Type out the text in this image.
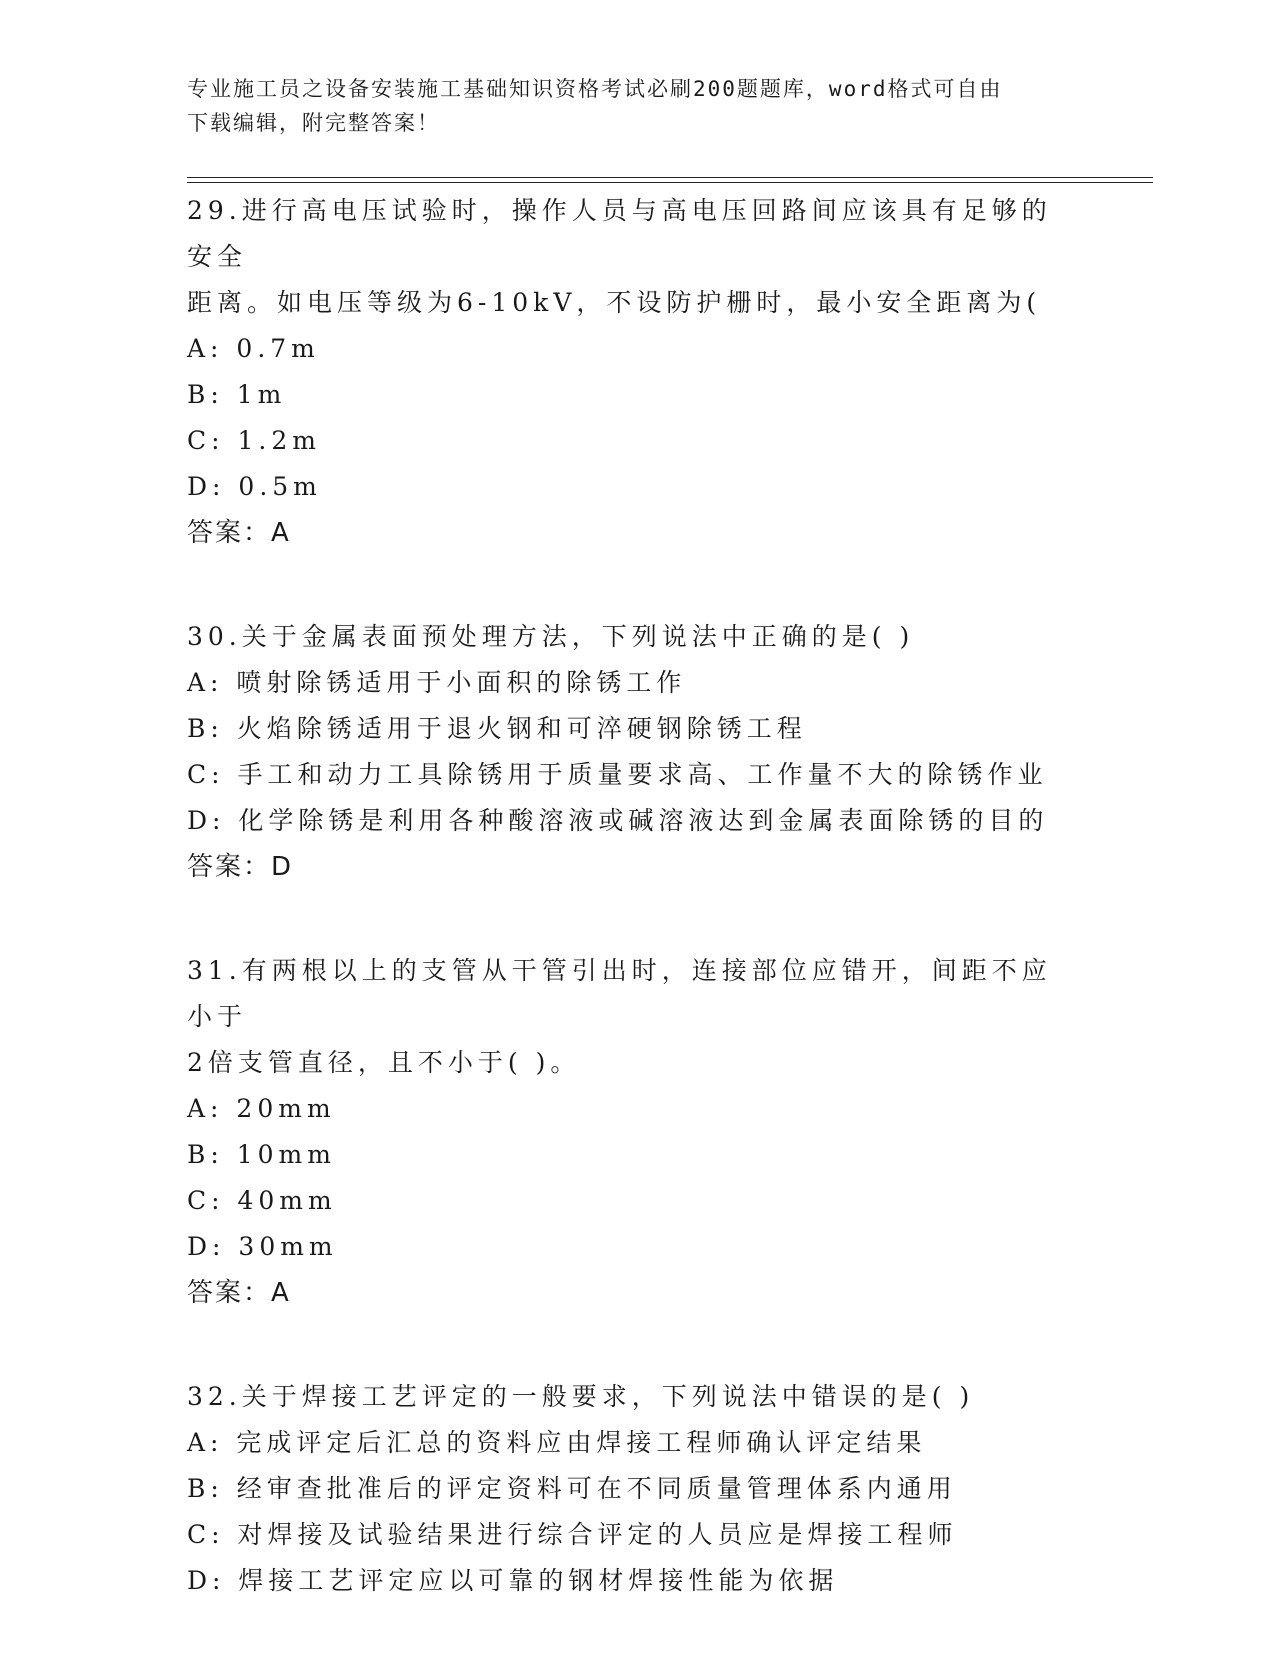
专业施工员之设备安装施工基础知识资格考试必刷200题题库，word格式可自由
下载编辑，附完整答案！
29.进行高电压试验时，操作人员与高电压回路间应该具有足够的安全
距离。如电压等级为6-10kV，不设防护栅时，最小安全距离为(
A: 0.7m
B: 1m
C: 1.2m
D: 0.5m
答案：A
30.关于金属表面预处理方法，下列说法中正确的是( )
A: 喷射除锈适用于小面积的除锈工作
B: 火焰除锈适用于退火钢和可淬硬钢除锈工程
C: 手工和动力工具除锈用于质量要求高、工作量不大的除锈作业
D: 化学除锈是利用各种酸溶液或碱溶液达到金属表面除锈的目的
答案：D
31.有两根以上的支管从干管引出时，连接部位应错开，间距不应小于
2倍支管直径，且不小于( )。
A: 20mm
B: 10mm
C: 40mm
D: 30mm
答案：A
32.关于焊接工艺评定的一般要求，下列说法中错误的是( )
A: 完成评定后汇总的资料应由焊接工程师确认评定结果
B: 经审查批准后的评定资料可在不同质量管理体系内通用
C: 对焊接及试验结果进行综合评定的人员应是焊接工程师
D: 焊接工艺评定应以可靠的钢材焊接性能为依据
